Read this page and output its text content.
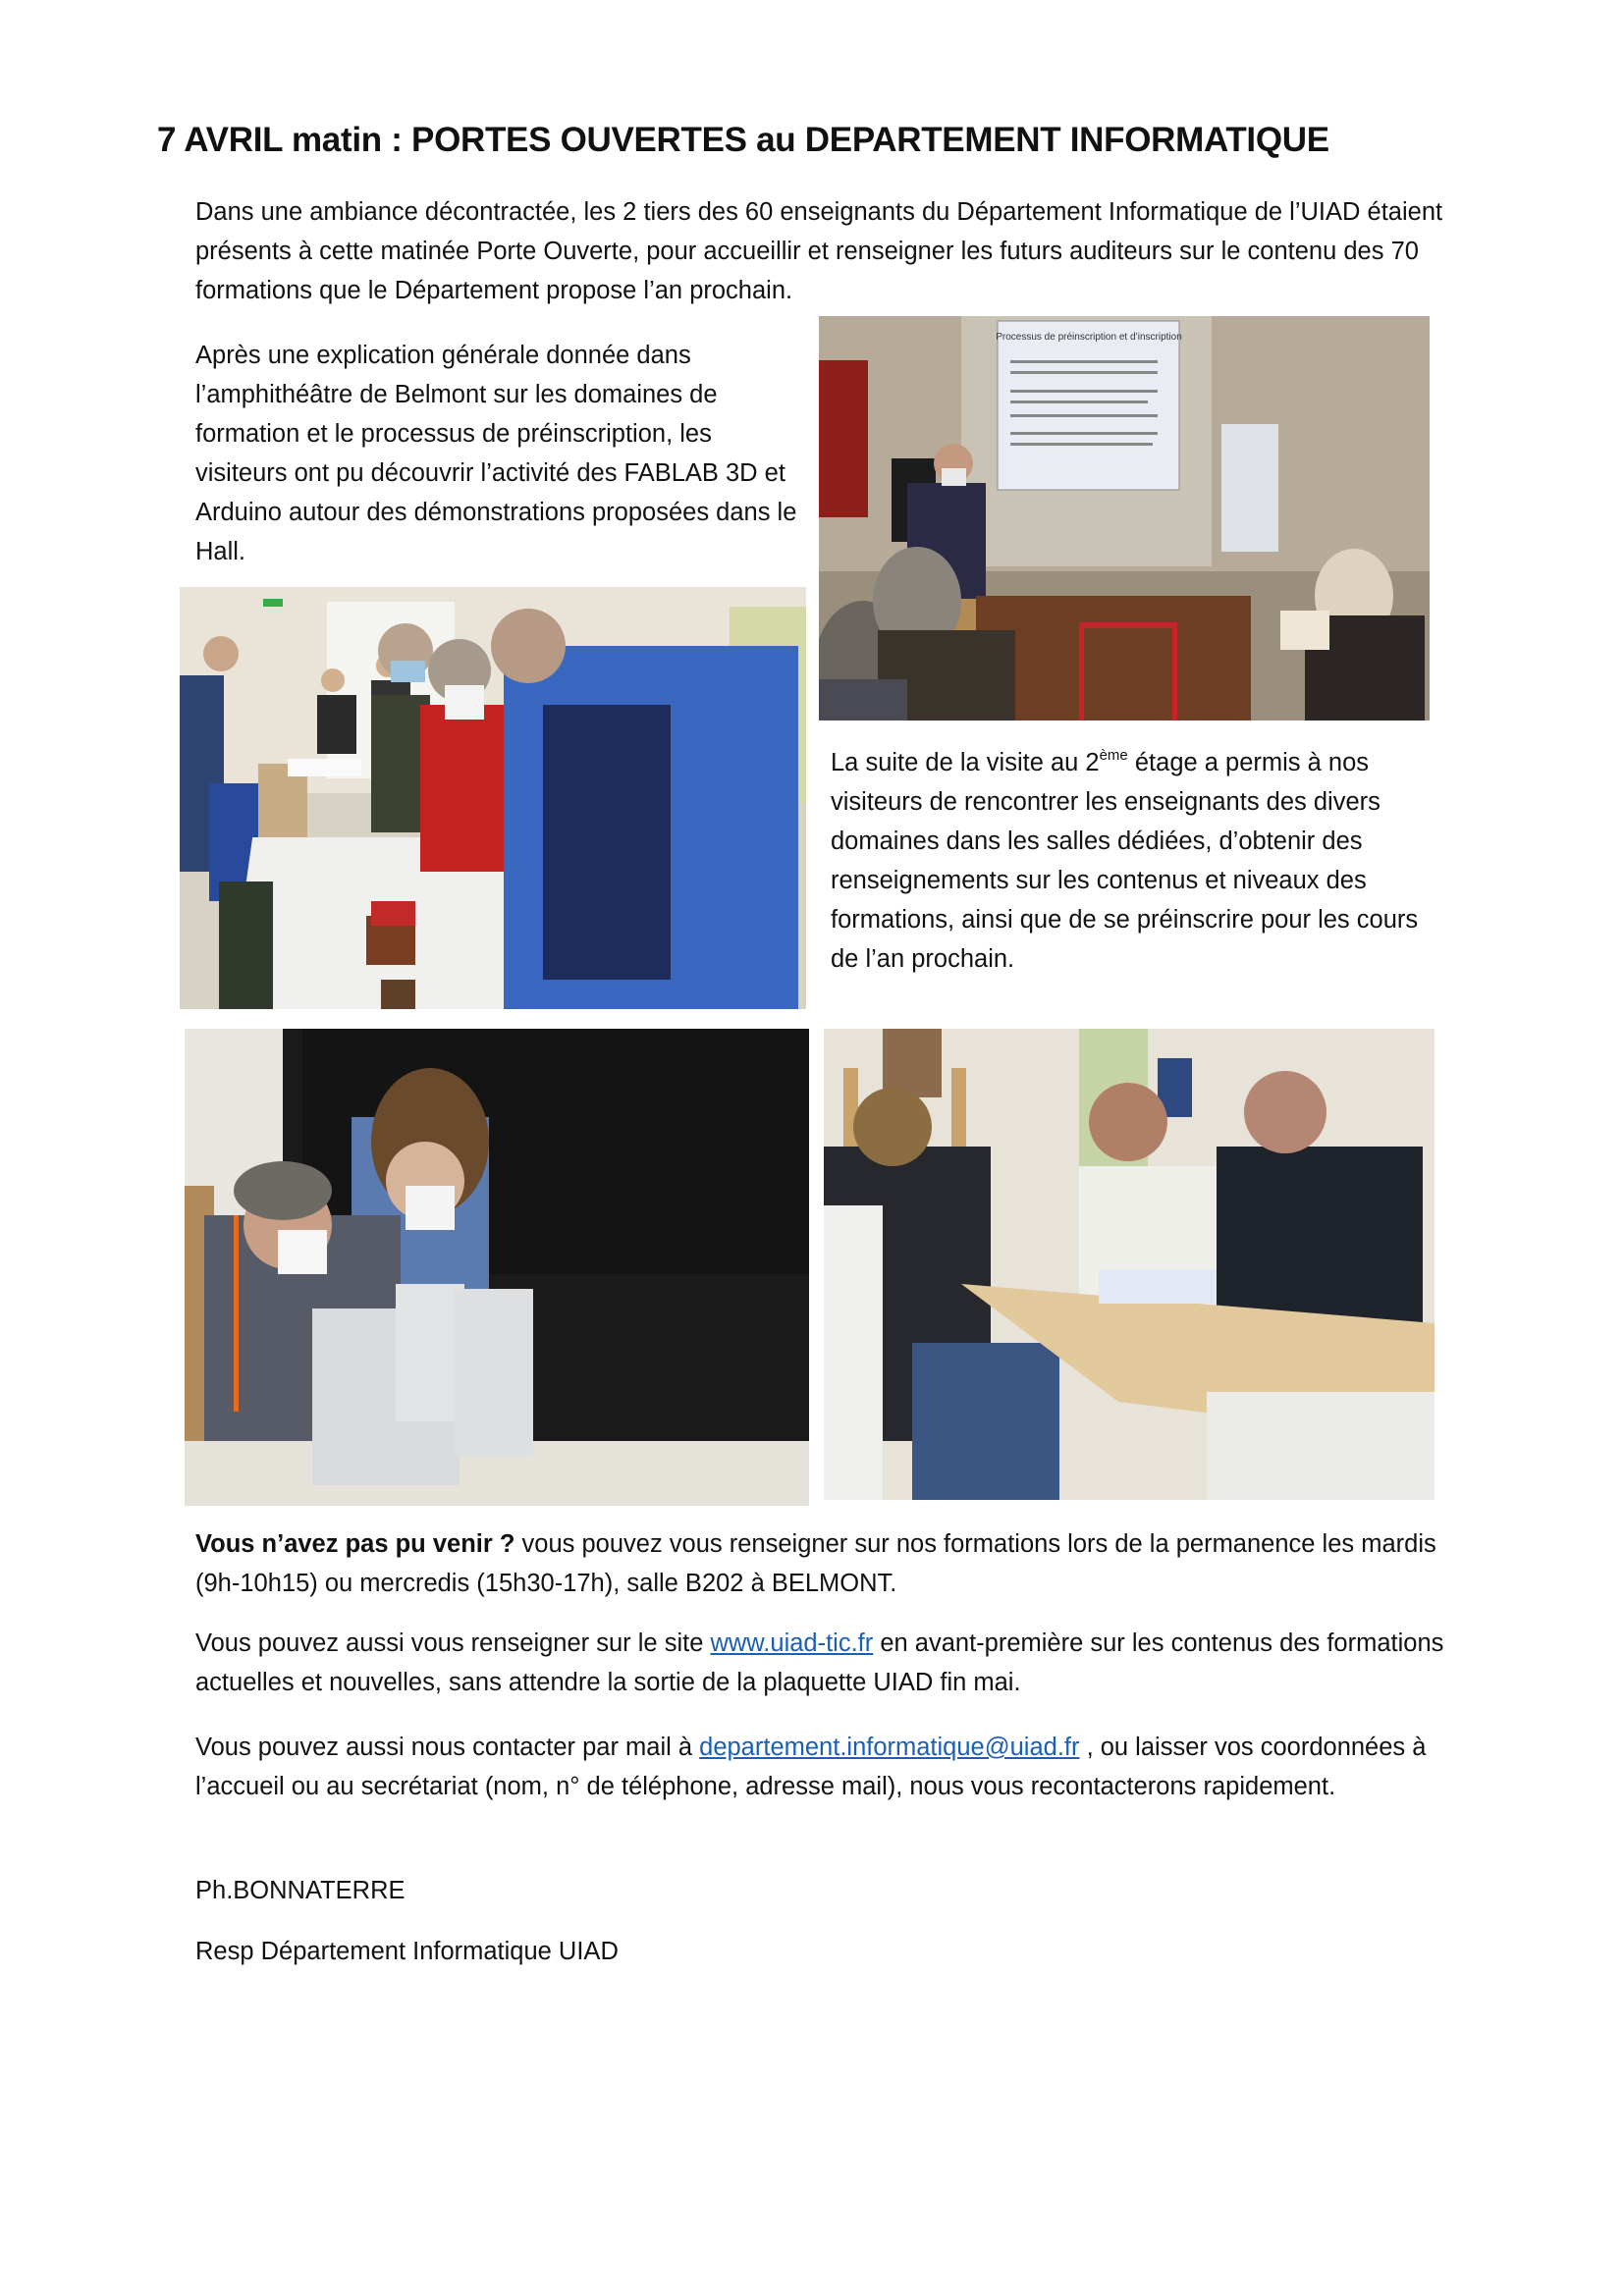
7 AVRIL matin : PORTES OUVERTES au DEPARTEMENT INFORMATIQUE

Dans une ambiance décontractée, les 2 tiers des 60 enseignants du Département Informatique de l’UIAD étaient présents à cette matinée Porte Ouverte, pour accueillir et renseigner les futurs auditeurs sur le contenu des 70 formations que le Département propose l’an prochain.

Après une explication générale donnée dans l’amphithéâtre de Belmont sur les domaines de formation et le processus de préinscription, les visiteurs ont pu découvrir l’activité des FABLAB 3D et Arduino autour des démonstrations proposées dans le Hall.

Processus de préinscription et d’inscription

La suite de la visite au 2ème étage a permis à nos visiteurs de rencontrer les enseignants des divers domaines dans les salles dédiées, d’obtenir des renseignements sur les contenus et niveaux des formations, ainsi que de se préinscrire pour les cours de l’an prochain.

Vous n’avez pas pu venir ? vous pouvez vous renseigner sur nos formations lors de la permanence les mardis (9h-10h15) ou mercredis (15h30-17h), salle B202 à BELMONT.

Vous pouvez aussi vous renseigner sur le site www.uiad-tic.fr en avant-première sur les contenus des formations actuelles et nouvelles, sans attendre la sortie de la plaquette UIAD fin mai.

Vous pouvez aussi nous contacter par mail à departement.informatique@uiad.fr , ou laisser vos coordonnées à l’accueil ou au secrétariat (nom, n° de téléphone, adresse mail), nous vous recontacterons rapidement.

Ph.BONNATERRE

Resp Département Informatique UIAD
